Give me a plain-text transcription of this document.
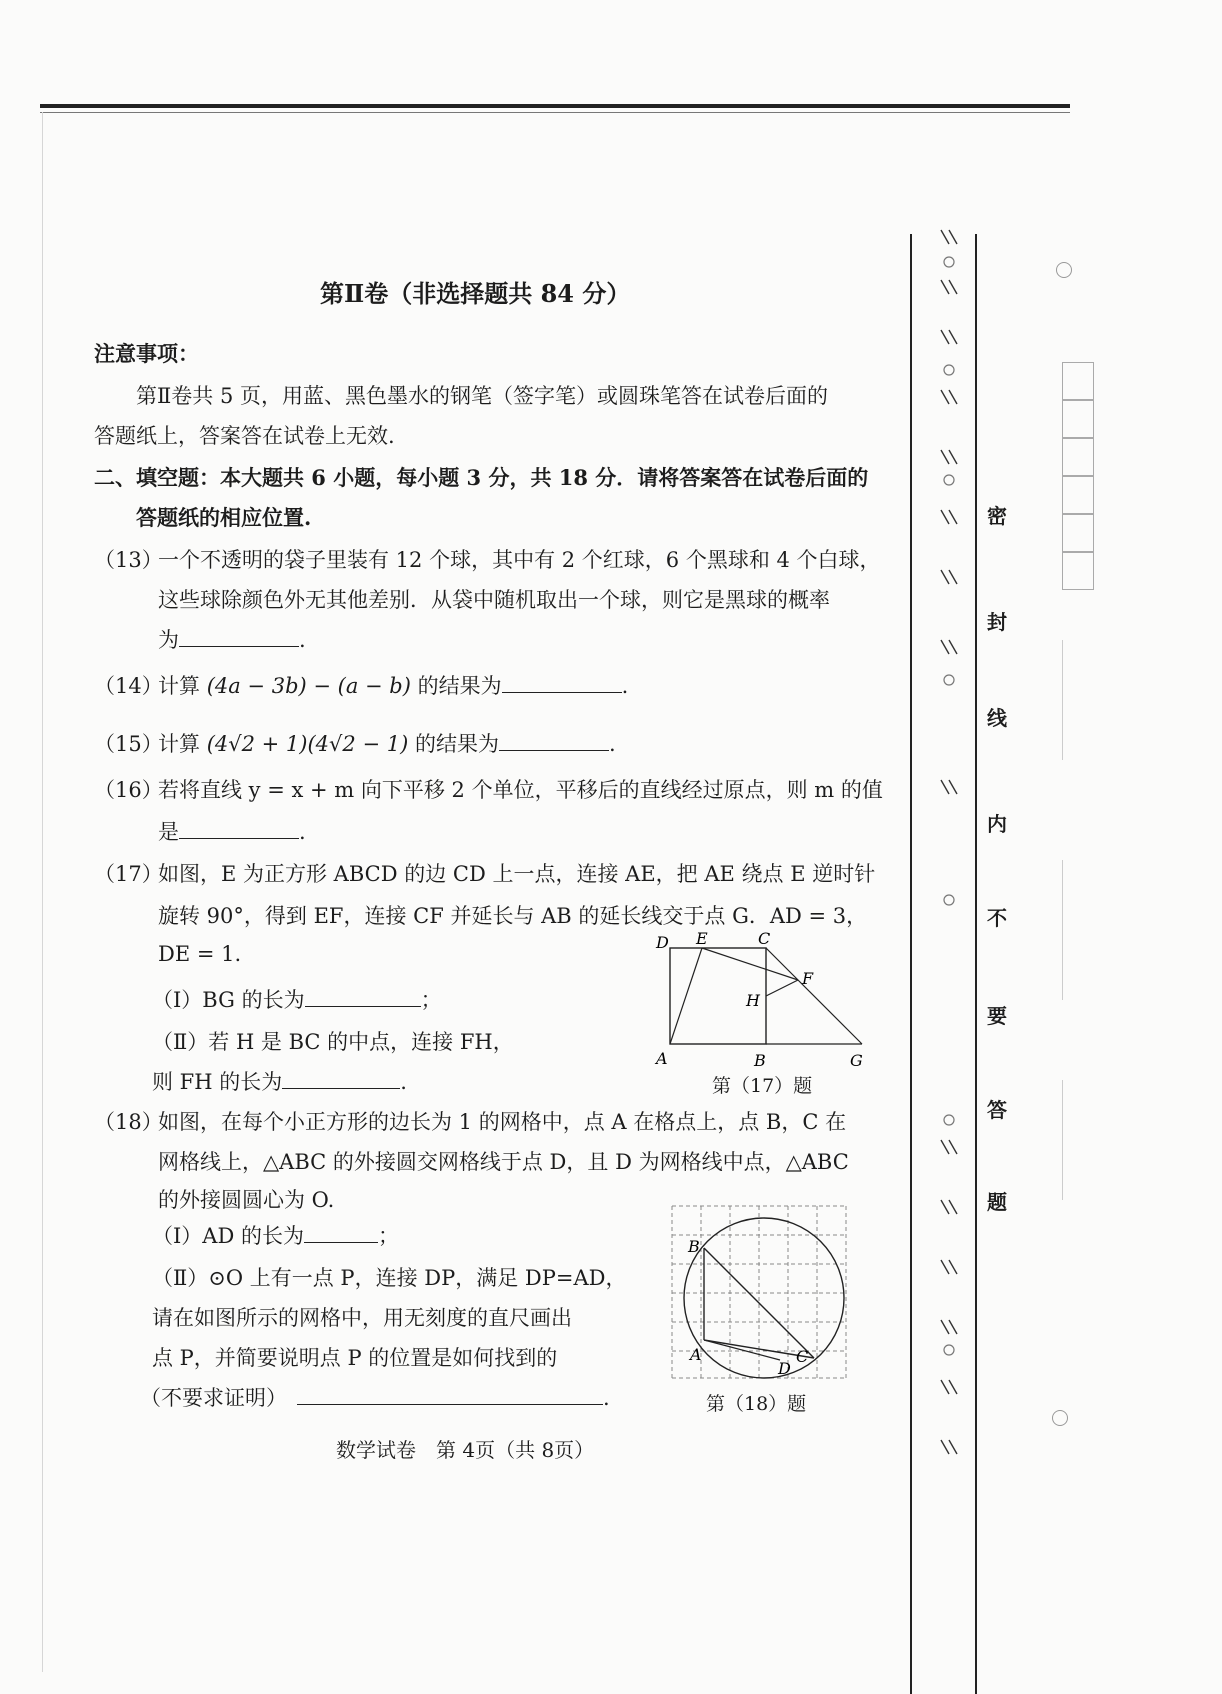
第Ⅱ卷（非选择题共 84 分）
注意事项：
第Ⅱ卷共 5 页，用蓝、黑色墨水的钢笔（签字笔）或圆珠笔答在试卷后面的
答题纸上，答案答在试卷上无效.
二、填空题：本大题共 6 小题，每小题 3 分，共 18 分．请将答案答在试卷后面的
答题纸的相应位置.
（13）
一个不透明的袋子里装有 12 个球，其中有 2 个红球，6 个黑球和 4 个白球，
这些球除颜色外无其他差别．从袋中随机取出一个球，则它是黑球的概率
为	.
（14）
计算 (4a − 3b) − (a − b) 的结果为	.
（15）
计算 (4√2 + 1)(4√2 − 1) 的结果为	.
（16）
若将直线 y = x + m 向下平移 2 个单位，平移后的直线经过原点，则 m 的值
是	.
（17）
如图，E 为正方形 ABCD 的边 CD 上一点，连接 AE，把 AE 绕点 E 逆时针
旋转 90°，得到 EF，连接 CF 并延长与 AB 的延长线交于点 G．AD = 3，
DE = 1.
（Ⅰ）BG 的长为	；
（Ⅱ）若 H 是 BC 的中点，连接 FH，
则 FH 的长为	.
D E	C
F
H
A	B	G
第（17）题
（18）
如图，在每个小正方形的边长为 1 的网格中，点 A 在格点上，点 B，C 在
网格线上，△ABC 的外接圆交网格线于点 D，且 D 为网格线中点，△ABC
的外接圆圆心为 O.
（Ⅰ）AD 的长为	；
（Ⅱ）⊙O 上有一点 P，连接 DP，满足 DP=AD，
请在如图所示的网格中，用无刻度的直尺画出
点 P，并简要说明点 P 的位置是如何找到的
（不要求证明）	.
B
A	C
D
第（18）题
数学试卷　第 4页（共 8页）
密
封
线
内
不
要
答
题
